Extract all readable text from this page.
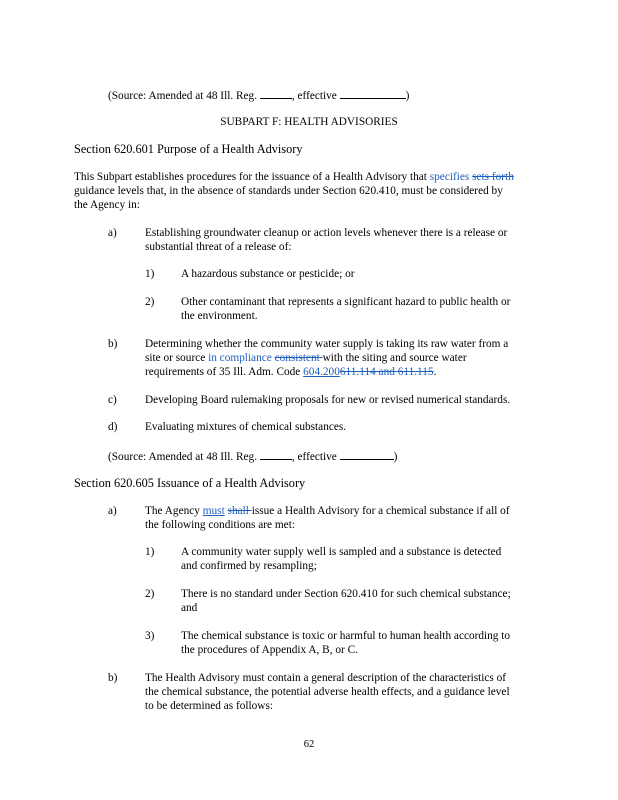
(Source: Amended at 48 Ill. Reg.	, effective	)
SUBPART F: HEALTH ADVISORIES
Section 620.601 Purpose of a Health Advisory
This Subpart establishes procedures for the issuance of a Health Advisory that specifies sets forth
guidance levels that, in the absence of standards under Section 620.410, must be considered by
the Agency in:
a) Establishing groundwater cleanup or action levels whenever there is a release or
substantial threat of a release of:
1) A hazardous substance or pesticide; or
2) Other contaminant that represents a significant hazard to public health or
the environment.
b) Determining whether the community water supply is taking its raw water from a
site or source in compliance consistent with the siting and source water
requirements of 35 Ill. Adm. Code 604.200611.114 and 611.115.
c) Developing Board rulemaking proposals for new or revised numerical standards.
d) Evaluating mixtures of chemical substances.
(Source: Amended at 48 Ill. Reg.	, effective	)
Section 620.605 Issuance of a Health Advisory
a) The Agency must shall issue a Health Advisory for a chemical substance if all of
the following conditions are met:
1) A community water supply well is sampled and a substance is detected
and confirmed by resampling;
2) There is no standard under Section 620.410 for such chemical substance;
and
3) The chemical substance is toxic or harmful to human health according to
the procedures of Appendix A, B, or C.
b) The Health Advisory must contain a general description of the characteristics of
the chemical substance, the potential adverse health effects, and a guidance level
to be determined as follows:
62
